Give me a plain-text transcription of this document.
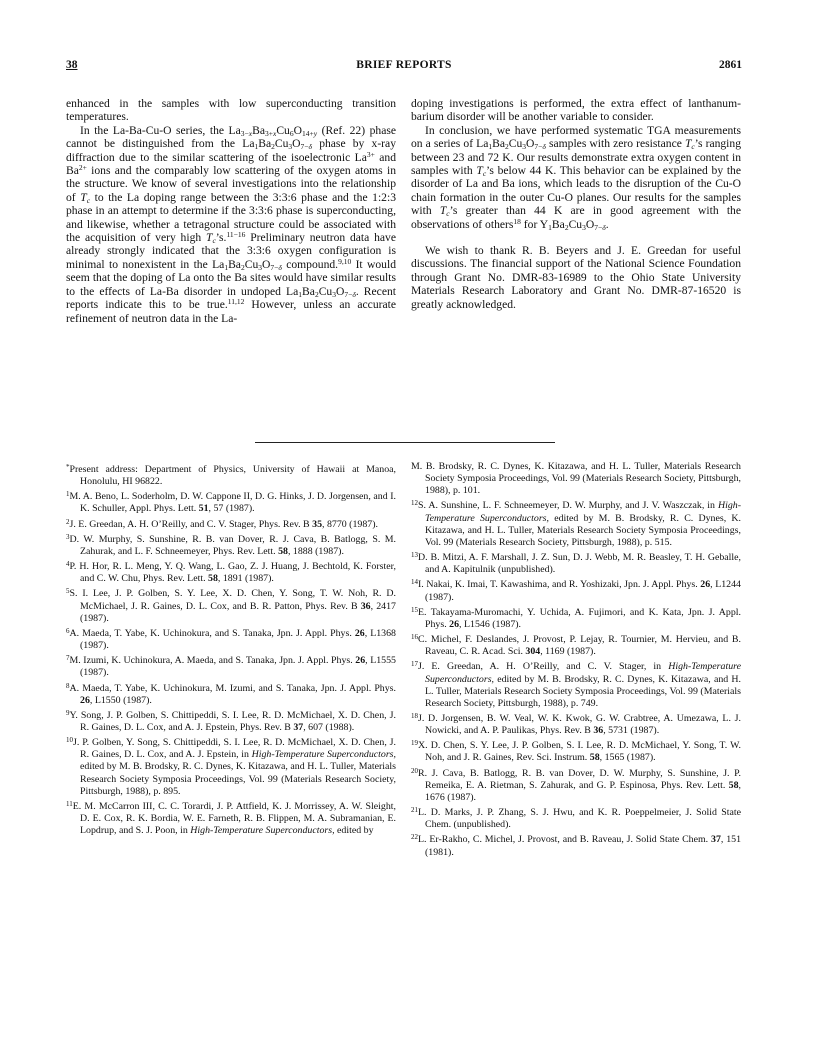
38	BRIEF REPORTS	2861

enhanced in the samples with low superconducting transition temperatures.

In the La-Ba-Cu-O series, the $La_{3-x}Ba_{3+x}Cu_6O_{14+y}$ (Ref. 22) phase cannot be distinguished from the $La_1Ba_2Cu_3O_{7-\delta}$ phase by x-ray diffraction due to the similar scattering of the isoelectronic $La^{3+}$ and $Ba^{2+}$ ions and the comparably low scattering of the oxygen atoms in the structure. We know of several investigations into the relationship of $T_c$ to the La doping range between the 3:3:6 phase and the 1:2:3 phase in an attempt to determine if the 3:3:6 phase is superconducting, and likewise, whether a tetragonal structure could be associated with the acquisition of very high $T_c’s.^{11-16}$ Preliminary neutron data have already strongly indicated that the 3:3:6 oxygen configuration is minimal to nonexistent in the $La_1Ba_2Cu_3O_{7-\delta}$ compound.$^{9,10}$ It would seem that the doping of La onto the Ba sites would have similar results to the effects of La-Ba disorder in undoped $La_1Ba_2Cu_3O_{7-\delta}$. Recent reports indicate this to be true.$^{11,12}$ However, unless an accurate refinement of neutron data in the La-

doping investigations is performed, the extra effect of lanthanum-barium disorder will be another variable to consider.

In conclusion, we have performed systematic TGA measurements on a series of $La_1Ba_2Cu_3O_{7-\delta}$ samples with zero resistance $T_c’s$ ranging between 23 and 72 K. Our results demonstrate extra oxygen content in samples with $T_c’s$ below 44 K. This behavior can be explained by the disorder of La and Ba ions, which leads to the disruption of the Cu-O chain formation in the outer Cu-O planes. Our results for the samples with $T_c’s$ greater than 44 K are in good agreement with the observations of others$^{18}$ for $Y_1Ba_2Cu_3O_{7-\delta}$.

We wish to thank R. B. Beyers and J. E. Greedan for useful discussions. The financial support of the National Science Foundation through Grant No. DMR-83-16989 to the Ohio State University Materials Research Laboratory and Grant No. DMR-87-16520 is greatly acknowledged.

*Present address: Department of Physics, University of Hawaii at Manoa, Honolulu, HI 96822.

$^1$M. A. Beno, L. Soderholm, D. W. Cappone II, D. G. Hinks, J. D. Jorgensen, and I. K. Schuller, Appl. Phys. Lett. 51, 57 (1987).

$^2$J. E. Greedan, A. H. O’Reilly, and C. V. Stager, Phys. Rev. B 35, 8770 (1987).

$^3$D. W. Murphy, S. Sunshine, R. B. van Dover, R. J. Cava, B. Batlogg, S. M. Zahurak, and L. F. Schneemeyer, Phys. Rev. Lett. 58, 1888 (1987).

$^4$P. H. Hor, R. L. Meng, Y. Q. Wang, L. Gao, Z. J. Huang, J. Bechtold, K. Forster, and C. W. Chu, Phys. Rev. Lett. 58, 1891 (1987).

$^5$S. I. Lee, J. P. Golben, S. Y. Lee, X. D. Chen, Y. Song, T. W. Noh, R. D. McMichael, J. R. Gaines, D. L. Cox, and B. R. Patton, Phys. Rev. B 36, 2417 (1987).

$^6$A. Maeda, T. Yabe, K. Uchinokura, and S. Tanaka, Jpn. J. Appl. Phys. 26, L1368 (1987).

$^7$M. Izumi, K. Uchinokura, A. Maeda, and S. Tanaka, Jpn. J. Appl. Phys. 26, L1555 (1987).

$^8$A. Maeda, T. Yabe, K. Uchinokura, M. Izumi, and S. Tanaka, Jpn. J. Appl. Phys. 26, L1550 (1987).

$^9$Y. Song, J. P. Golben, S. Chittipeddi, S. I. Lee, R. D. McMichael, X. D. Chen, J. R. Gaines, D. L. Cox, and A. J. Epstein, Phys. Rev. B 37, 607 (1988).

$^{10}$J. P. Golben, Y. Song, S. Chittipeddi, S. I. Lee, R. D. McMichael, X. D. Chen, J. R. Gaines, D. L. Cox, and A. J. Epstein, in High-Temperature Superconductors, edited by M. B. Brodsky, R. C. Dynes, K. Kitazawa, and H. L. Tuller, Materials Research Society Symposia Proceedings, Vol. 99 (Materials Research Society, Pittsburgh, 1988), p. 895.

$^{11}$E. M. McCarron III, C. C. Torardi, J. P. Attfield, K. J. Morrissey, A. W. Sleight, D. E. Cox, R. K. Bordia, W. E. Farneth, R. B. Flippen, M. A. Subramanian, E. Lopdrup, and S. J. Poon, in High-Temperature Superconductors, edited by

M. B. Brodsky, R. C. Dynes, K. Kitazawa, and H. L. Tuller, Materials Research Society Symposia Proceedings, Vol. 99 (Materials Research Society, Pittsburgh, 1988), p. 101.

$^{12}$S. A. Sunshine, L. F. Schneemeyer, D. W. Murphy, and J. V. Waszczak, in High-Temperature Superconductors, edited by M. B. Brodsky, R. C. Dynes, K. Kitazawa, and H. L. Tuller, Materials Research Society Symposia Proceedings, Vol. 99 (Materials Research Society, Pittsburgh, 1988), p. 515.

$^{13}$D. B. Mitzi, A. F. Marshall, J. Z. Sun, D. J. Webb, M. R. Beasley, T. H. Geballe, and A. Kapitulnik (unpublished).

$^{14}$I. Nakai, K. Imai, T. Kawashima, and R. Yoshizaki, Jpn. J. Appl. Phys. 26, L1244 (1987).

$^{15}$E. Takayama-Muromachi, Y. Uchida, A. Fujimori, and K. Kata, Jpn. J. Appl. Phys. 26, L1546 (1987).

$^{16}$C. Michel, F. Deslandes, J. Provost, P. Lejay, R. Tournier, M. Hervieu, and B. Raveau, C. R. Acad. Sci. 304, 1169 (1987).

$^{17}$J. E. Greedan, A. H. O’Reilly, and C. V. Stager, in High-Temperature Superconductors, edited by M. B. Brodsky, R. C. Dynes, K. Kitazawa, and H. L. Tuller, Materials Research Society Symposia Proceedings, Vol. 99 (Materials Research Society, Pittsburgh, 1988), p. 749.

$^{18}$J. D. Jorgensen, B. W. Veal, W. K. Kwok, G. W. Crabtree, A. Umezawa, L. J. Nowicki, and A. P. Paulikas, Phys. Rev. B 36, 5731 (1987).

$^{19}$X. D. Chen, S. Y. Lee, J. P. Golben, S. I. Lee, R. D. McMichael, Y. Song, T. W. Noh, and J. R. Gaines, Rev. Sci. Instrum. 58, 1565 (1987).

$^{20}$R. J. Cava, B. Batlogg, R. B. van Dover, D. W. Murphy, S. Sunshine, J. P. Remeika, E. A. Rietman, S. Zahurak, and G. P. Espinosa, Phys. Rev. Lett. 58, 1676 (1987).

$^{21}$L. D. Marks, J. P. Zhang, S. J. Hwu, and K. R. Poeppelmeier, J. Solid State Chem. (unpublished).

$^{22}$L. Er-Rakho, C. Michel, J. Provost, and B. Raveau, J. Solid State Chem. 37, 151 (1981).
